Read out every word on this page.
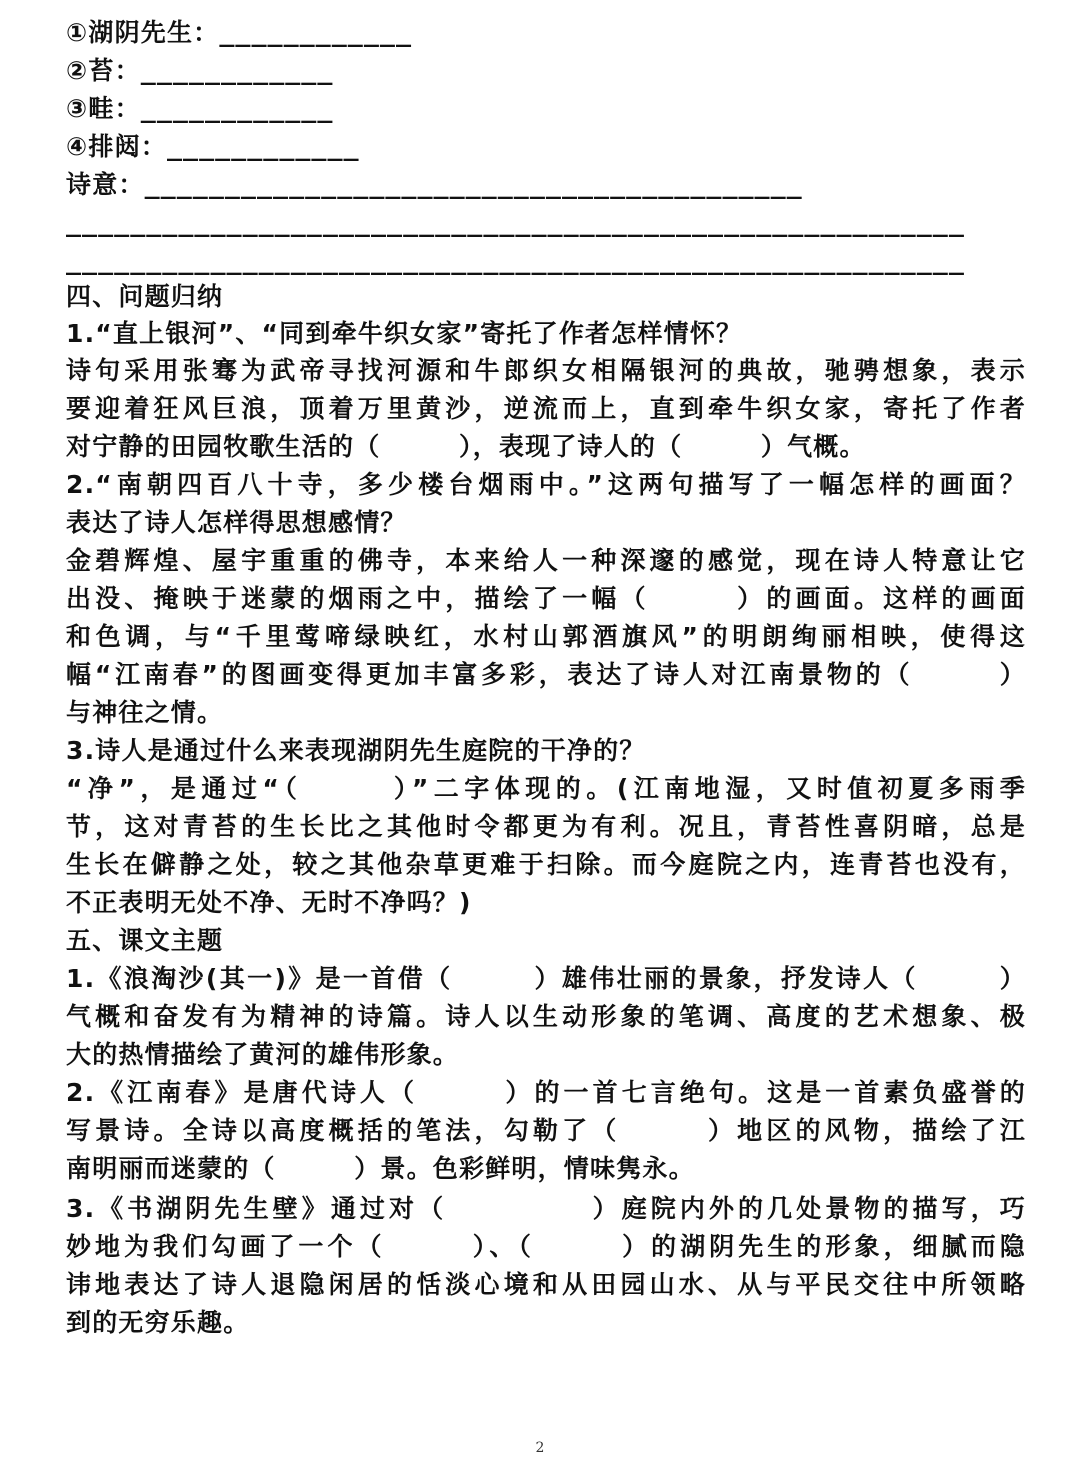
①湖阴先生：____________
②苔：____________
③畦：____________
④排闼：____________
诗意：_________________________________________
________________________________________________________
________________________________________________________
四、问题归纳
1.“直上银河”、“同到牵牛织女家”寄托了作者怎样情怀？
诗句采用张骞为武帝寻找河源和牛郎织女相隔银河的典故，驰骋想象，表示
要迎着狂风巨浪，顶着万里黄沙，逆流而上，直到牵牛织女家，寄托了作者
对宁静的田园牧歌生活的（　　　），表现了诗人的（　　　）气概。
2.“南朝四百八十寺，多少楼台烟雨中。”这两句描写了一幅怎样的画面？
表达了诗人怎样得思想感情？
金碧辉煌、屋宇重重的佛寺，本来给人一种深邃的感觉，现在诗人特意让它
出没、掩映于迷蒙的烟雨之中，描绘了一幅（　　　）的画面。这样的画面
和色调，与“千里莺啼绿映红，水村山郭酒旗风”的明朗绚丽相映，使得这
幅“江南春”的图画变得更加丰富多彩，表达了诗人对江南景物的（　　　）
与神往之情。
3.诗人是通过什么来表现湖阴先生庭院的干净的？
“净”，是通过“（　　　）”二字体现的。(江南地湿，又时值初夏多雨季
节，这对青苔的生长比之其他时令都更为有利。况且，青苔性喜阴暗，总是
生长在僻静之处，较之其他杂草更难于扫除。而今庭院之内，连青苔也没有，
不正表明无处不净、无时不净吗？)
五、课文主题
1.《浪淘沙(其一)》是一首借（　　　）雄伟壮丽的景象，抒发诗人（　　　）
气概和奋发有为精神的诗篇。诗人以生动形象的笔调、高度的艺术想象、极
大的热情描绘了黄河的雄伟形象。
2.《江南春》是唐代诗人（　　　）的一首七言绝句。这是一首素负盛誉的
写景诗。全诗以高度概括的笔法，勾勒了（　　　）地区的风物，描绘了江
南明丽而迷蒙的（　　　）景。色彩鲜明，情味隽永。
3.《书湖阴先生壁》通过对（　　　　　）庭院内外的几处景物的描写，巧
妙地为我们勾画了一个（　　　）、（　　　）的湖阴先生的形象，细腻而隐
讳地表达了诗人退隐闲居的恬淡心境和从田园山水、从与平民交往中所领略
到的无穷乐趣。
2
